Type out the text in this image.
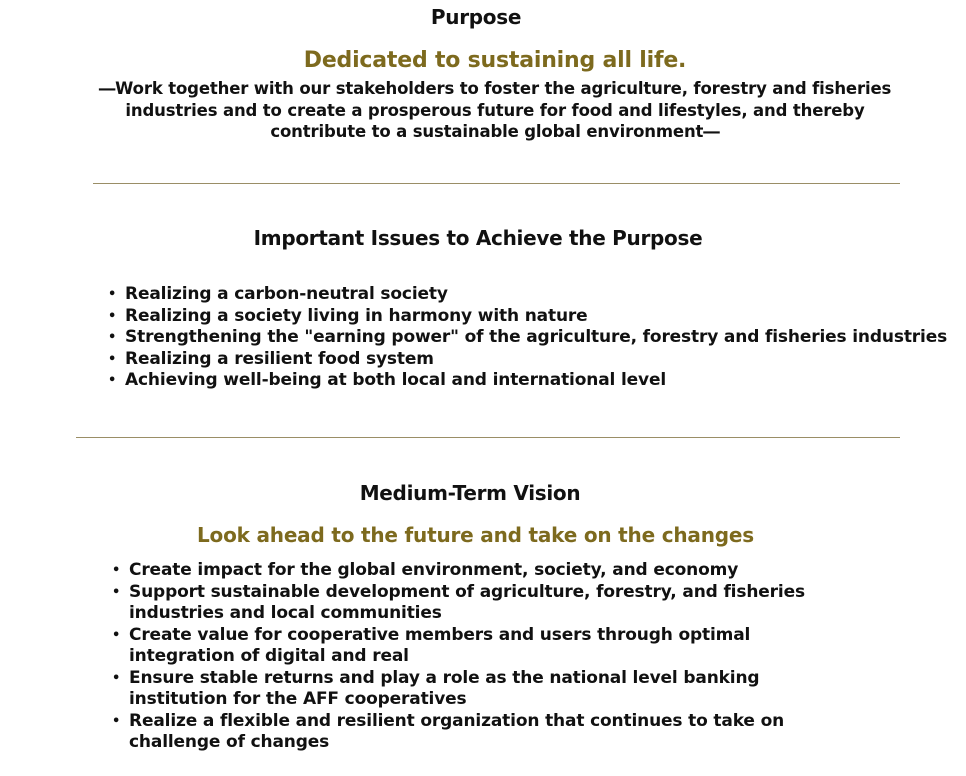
Purpose
Dedicated to sustaining all life.
―Work together with our stakeholders to foster the agriculture, forestry and fisheries
industries and to create a prosperous future for food and lifestyles, and thereby
contribute to a sustainable global environment―
Important Issues to Achieve the Purpose
• Realizing a carbon-neutral society
• Realizing a society living in harmony with nature
• Strengthening the "earning power" of the agriculture, forestry and fisheries industries
• Realizing a resilient food system
• Achieving well-being at both local and international level
Medium-Term Vision
Look ahead to the future and take on the changes
• Create impact for the global environment, society, and economy
• Support sustainable development of agriculture, forestry, and fisheries industries and local communities
• Create value for cooperative members and users through optimal integration of digital and real
• Ensure stable returns and play a role as the national level banking institution for the AFF cooperatives
• Realize a flexible and resilient organization that continues to take on challenge of changes
